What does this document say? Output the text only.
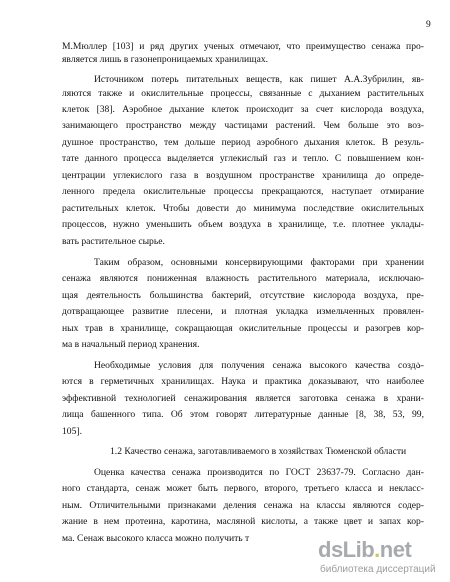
9
М.Мюллер [103] и ряд других ученых отмечают, что преимущество сенажа про-
является лишь в газонепроницаемых хранилищах.
Источником потерь питательных веществ, как пишет А.А.Зубрилин, яв-
ляются также и окислительные процессы, связанные с дыханием растительных
клеток [38]. Аэробное дыхание клеток происходит за счет кислорода воздуха,
занимающего пространство между частицами растений. Чем больше это воз-
душное пространство, тем дольше период аэробного дыхания клеток. В резуль-
тате данного процесса выделяется углекислый газ и тепло. С повышением кон-
центрации углекислого газа в воздушном пространстве хранилища до опреде-
ленного предела окислительные процессы прекращаются, наступает отмирание
растительных клеток. Чтобы довести до минимума последствие окислительных
процессов, нужно уменьшить объем воздуха в хранилище, т.е. плотнее уклады-
вать растительное сырье.
Таким образом, основными консервирующими факторами при хранении
сенажа являются пониженная влажность растительного материала, исключаю-
щая деятельность большинства бактерий, отсутствие кислорода воздуха, пре-
дотвращающее развитие плесени, и плотная укладка измельченных провялен-
ных трав в хранилище, сокращающая окислительные процессы и разогрев кор-
ма в начальный период хранения.
Необходимые условия для получения сенажа высокого качества создა-
ются в герметичных хранилищах. Наука и практика доказывают, что наиболее
эффективной технологией сенажирования является заготовка сенажа в храни-
лища башенного типа. Об этом говорят литературные данные [8, 38, 53, 99,
105].
1.2 Качество сенажа, заготавливаемого в хозяйствах Тюменской области
Оценка качества сенажа производится по ГОСТ 23637-79. Согласно дан-
ного стандарта, сенаж может быть первого, второго, третьего класса и некласс-
ным. Отличительными признаками деления сенажа на классы являются содер-
жание в нем протеина, каротина, масляной кислоты, а также цвет и запах кор-
ма. Сенаж высокого класса можно получить т	dsLib.net
библиотека диссертаций
